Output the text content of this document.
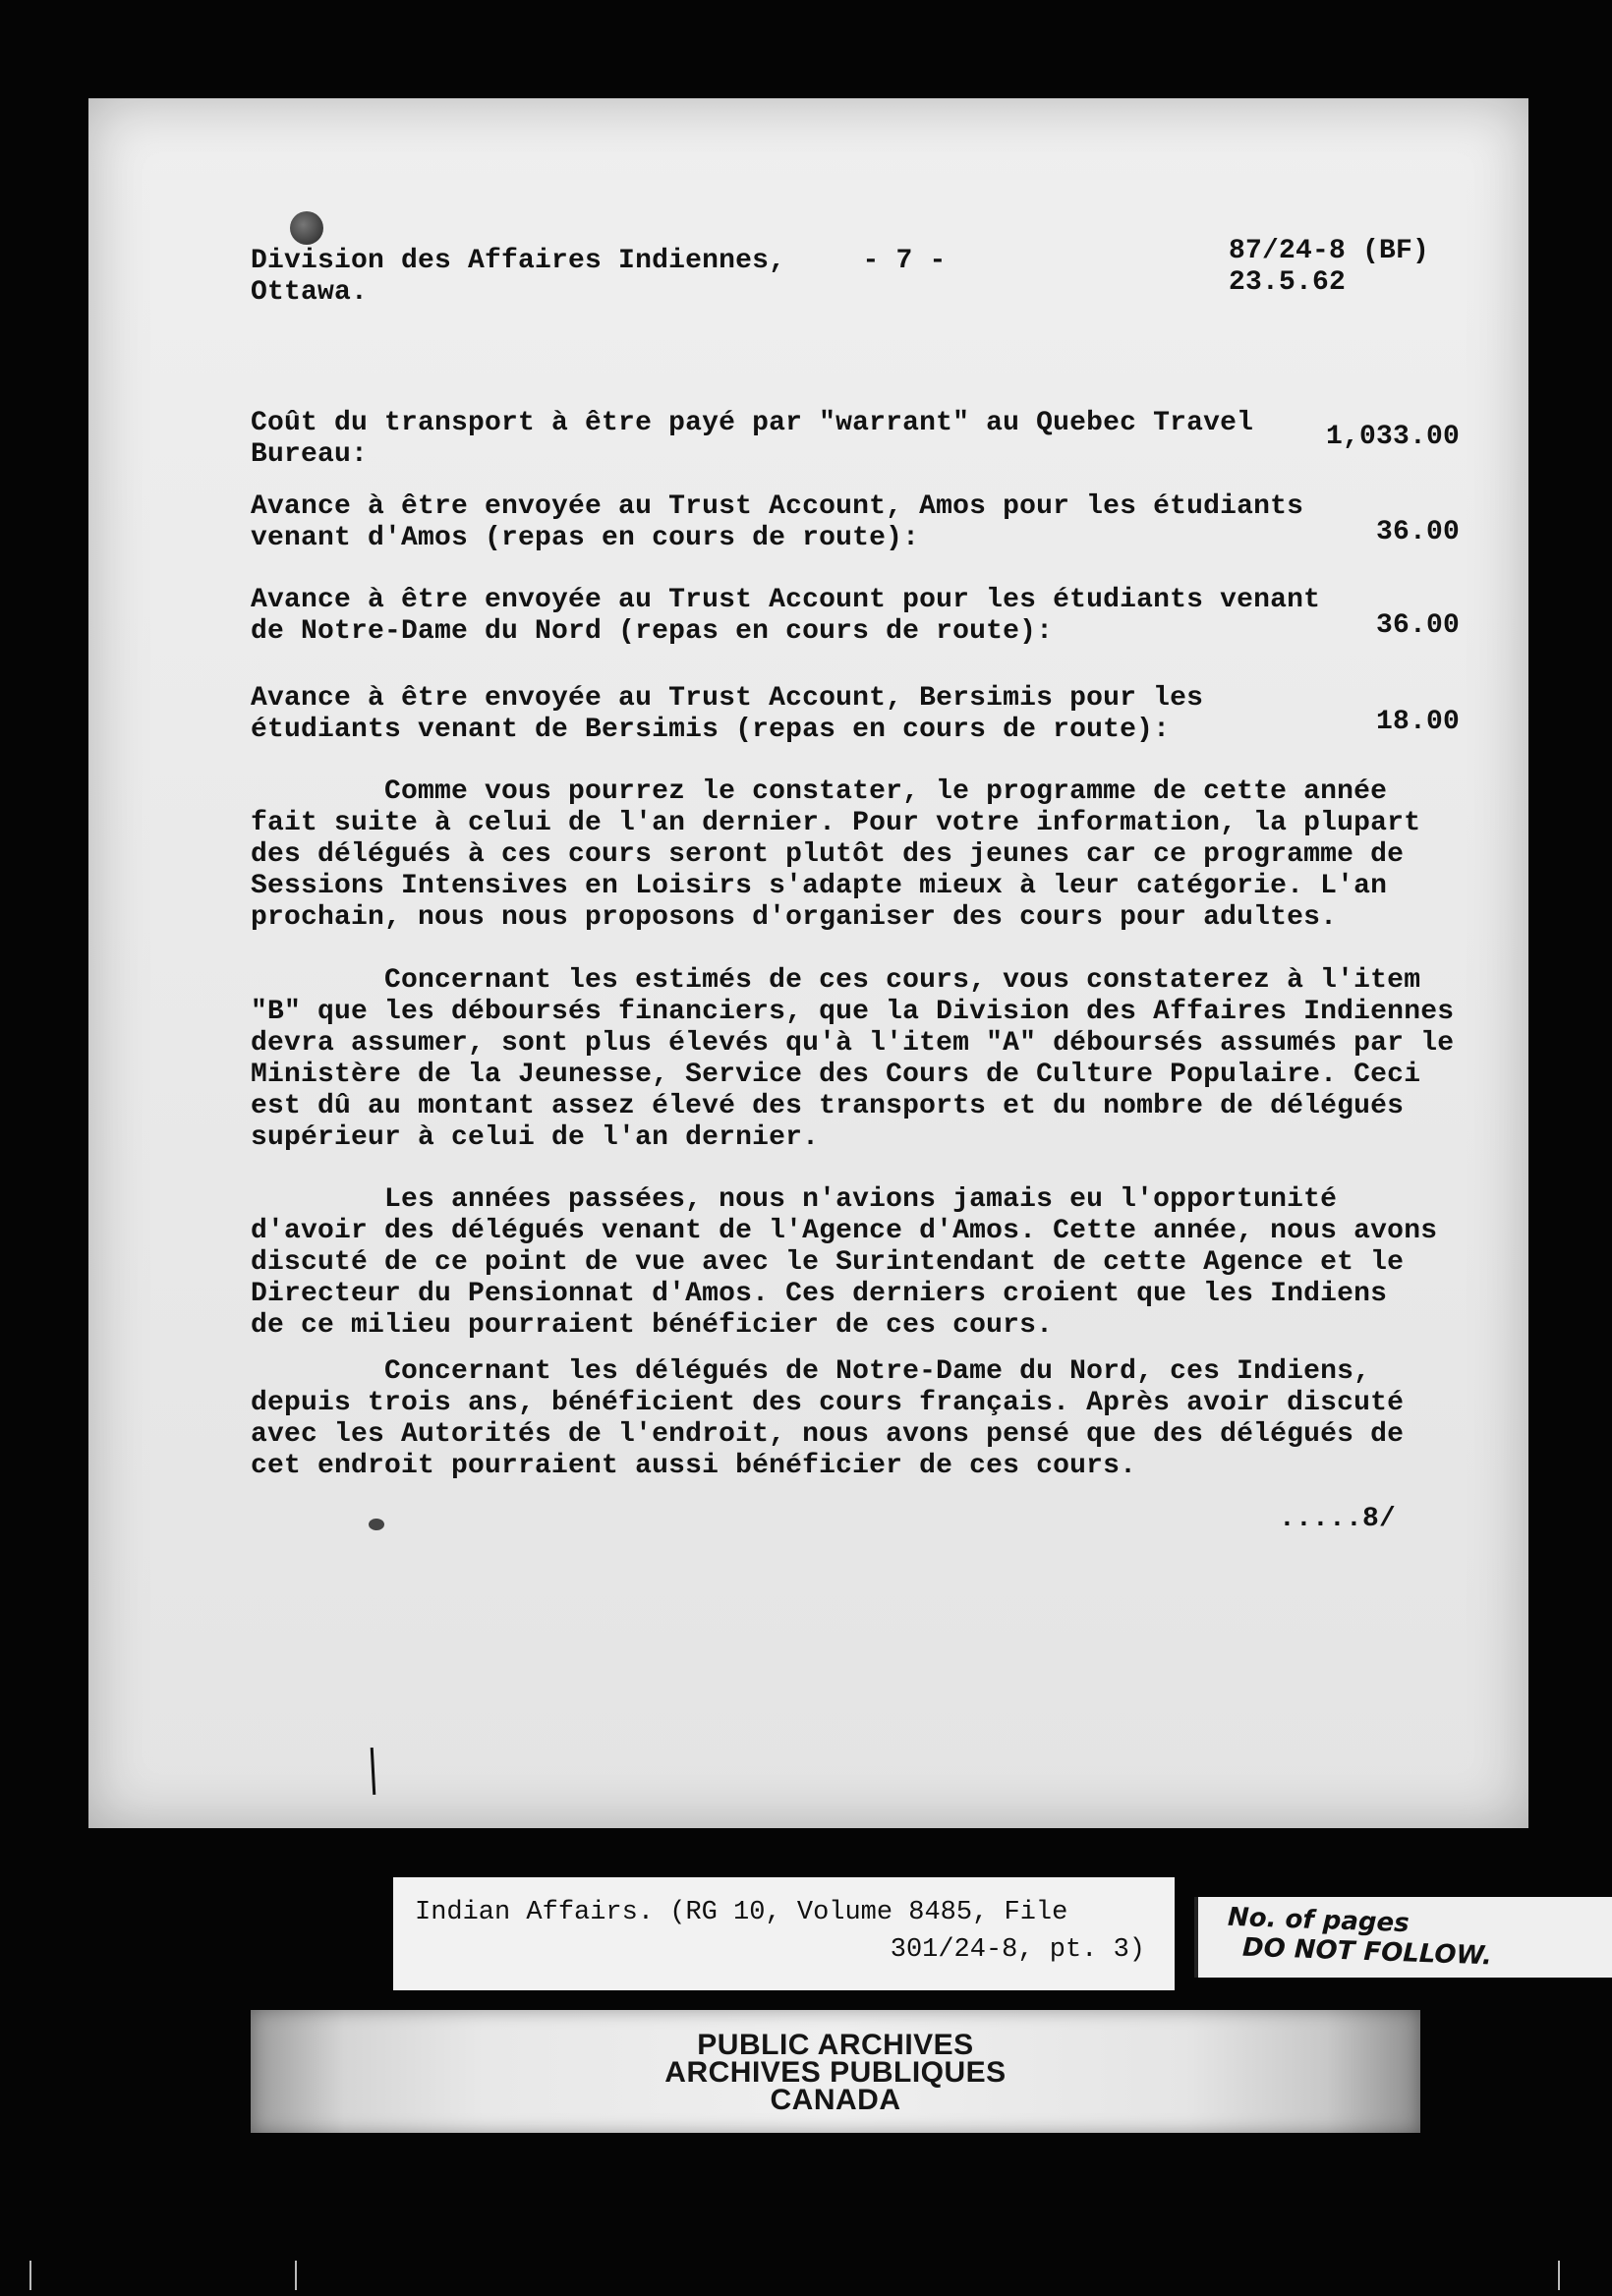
Division des Affaires Indiennes,
Ottawa.
- 7 -	87/24-8 (BF)
23.5.62
Coût du transport à être payé par "warrant" au Quebec Travel
Bureau:
1,033.00
Avance à être envoyée au Trust Account, Amos pour les étudiants
venant d'Amos (repas en cours de route):	36.00
Avance à être envoyée au Trust Account pour les étudiants venant
de Notre-Dame du Nord (repas en cours de route):	36.00
Avance à être envoyée au Trust Account, Bersimis pour les
étudiants venant de Bersimis (repas en cours de route):	18.00
Comme vous pourrez le constater, le programme de cette année
fait suite à celui de l'an dernier. Pour votre information, la plupart
des délégués à ces cours seront plutôt des jeunes car ce programme de
Sessions Intensives en Loisirs s'adapte mieux à leur catégorie. L'an
prochain, nous nous proposons d'organiser des cours pour adultes.
Concernant les estimés de ces cours, vous constaterez à l'item
"B" que les déboursés financiers, que la Division des Affaires Indiennes
devra assumer, sont plus élevés qu'à l'item "A" déboursés assumés par le
Ministère de la Jeunesse, Service des Cours de Culture Populaire. Ceci
est dû au montant assez élevé des transports et du nombre de délégués
supérieur à celui de l'an dernier.
Les années passées, nous n'avions jamais eu l'opportunité
d'avoir des délégués venant de l'Agence d'Amos. Cette année, nous avons
discuté de ce point de vue avec le Surintendant de cette Agence et le
Directeur du Pensionnat d'Amos. Ces derniers croient que les Indiens
de ce milieu pourraient bénéficier de ces cours.
Concernant les délégués de Notre-Dame du Nord, ces Indiens,
depuis trois ans, bénéficient des cours français. Après avoir discuté
avec les Autorités de l'endroit, nous avons pensé que des délégués de
cet endroit pourraient aussi bénéficier de ces cours.
.....8/
Indian Affairs. (RG 10, Volume 8485, File
301/24-8, pt. 3)
No. of pages
DO NOT FOLLOW.
PUBLIC ARCHIVES
ARCHIVES PUBLIQUES
CANADA
